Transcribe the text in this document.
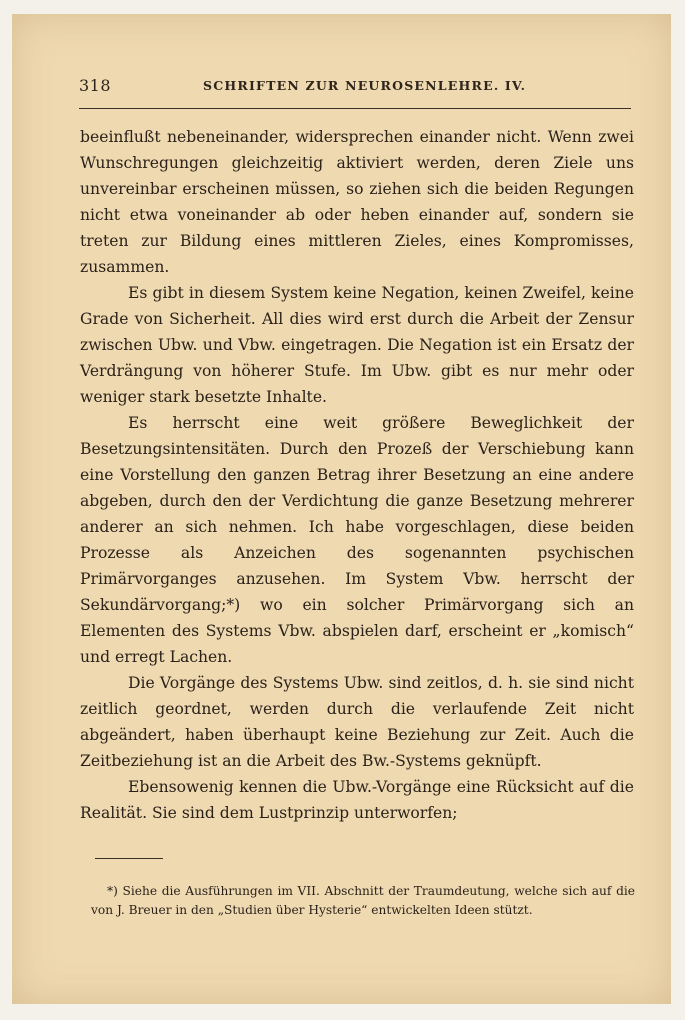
318	SCHRIFTEN ZUR NEUROSENLEHRE. IV.

beeinflußt nebeneinander, widersprechen einander nicht. Wenn zwei Wunschregungen gleichzeitig aktiviert werden, deren Ziele uns unvereinbar erscheinen müssen, so ziehen sich die beiden Regungen nicht etwa voneinander ab oder heben einander auf, sondern sie treten zur Bildung eines mittleren Zieles, eines Kompromisses, zusammen.

Es gibt in diesem System keine Negation, keinen Zweifel, keine Grade von Sicherheit. All dies wird erst durch die Arbeit der Zensur zwischen Ubw. und Vbw. eingetragen. Die Negation ist ein Ersatz der Verdrängung von höherer Stufe. Im Ubw. gibt es nur mehr oder weniger stark besetzte Inhalte.

Es herrscht eine weit größere Beweglichkeit der Besetzungsintensitäten. Durch den Prozeß der Verschiebung kann eine Vorstellung den ganzen Betrag ihrer Besetzung an eine andere abgeben, durch den der Verdichtung die ganze Besetzung mehrerer anderer an sich nehmen. Ich habe vorgeschlagen, diese beiden Prozesse als Anzeichen des sogenannten psychischen Primärvorganges anzusehen. Im System Vbw. herrscht der Sekundärvorgang;*) wo ein solcher Primärvorgang sich an Elementen des Systems Vbw. abspielen darf, erscheint er „komisch“ und erregt Lachen.

Die Vorgänge des Systems Ubw. sind zeitlos, d. h. sie sind nicht zeitlich geordnet, werden durch die verlaufende Zeit nicht abgeändert, haben überhaupt keine Beziehung zur Zeit. Auch die Zeitbeziehung ist an die Arbeit des Bw.-Systems geknüpft.

Ebensowenig kennen die Ubw.-Vorgänge eine Rücksicht auf die Realität. Sie sind dem Lustprinzip unterworfen;

*) Siehe die Ausführungen im VII. Abschnitt der Traumdeutung, welche sich auf die von J. Breuer in den „Studien über Hysterie“ entwickelten Ideen stützt.
